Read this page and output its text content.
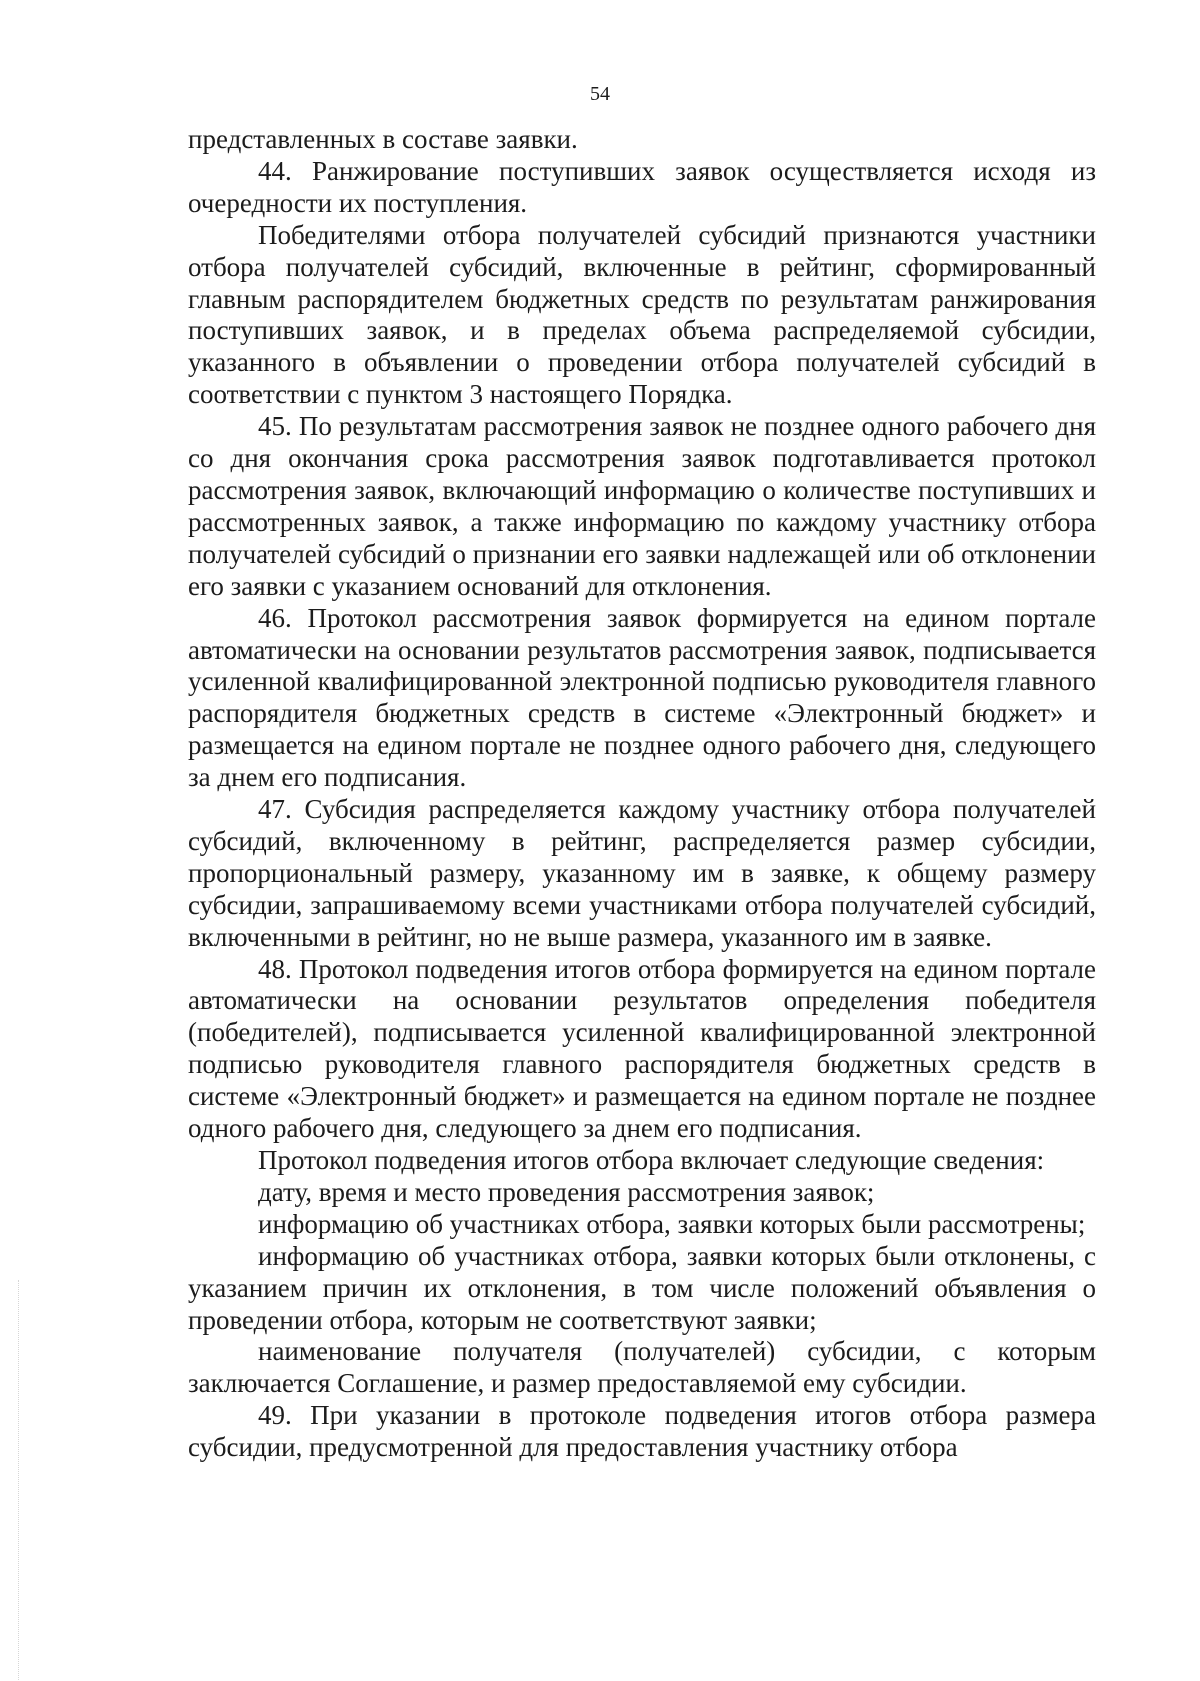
54

представленных в составе заявки.

44. Ранжирование поступивших заявок осуществляется исходя из очередности их поступления.

Победителями отбора получателей субсидий признаются участники отбора получателей субсидий, включенные в рейтинг, сформированный главным распорядителем бюджетных средств по результатам ранжирования поступивших заявок, и в пределах объема распределяемой субсидии, указанного в объявлении о проведении отбора получателей субсидий в соответствии с пунктом 3 настоящего Порядка.

45. По результатам рассмотрения заявок не позднее одного рабочего дня со дня окончания срока рассмотрения заявок подготавливается протокол рассмотрения заявок, включающий информацию о количестве поступивших и рассмотренных заявок, а также информацию по каждому участнику отбора получателей субсидий о признании его заявки надлежащей или об отклонении его заявки с указанием оснований для отклонения.

46. Протокол рассмотрения заявок формируется на едином портале автоматически на основании результатов рассмотрения заявок, подписывается усиленной квалифицированной электронной подписью руководителя главного распорядителя бюджетных средств в системе «Электронный бюджет» и размещается на едином портале не позднее одного рабочего дня, следующего за днем его подписания.

47. Субсидия распределяется каждому участнику отбора получателей субсидий, включенному в рейтинг, распределяется размер субсидии, пропорциональный размеру, указанному им в заявке, к общему размеру субсидии, запрашиваемому всеми участниками отбора получателей субсидий, включенными в рейтинг, но не выше размера, указанного им в заявке.

48. Протокол подведения итогов отбора формируется на едином портале автоматически на основании результатов определения победителя (победителей), подписывается усиленной квалифицированной электронной подписью руководителя главного распорядителя бюджетных средств в системе «Электронный бюджет» и размещается на едином портале не позднее одного рабочего дня, следующего за днем его подписания.

Протокол подведения итогов отбора включает следующие сведения:

дату, время и место проведения рассмотрения заявок;

информацию об участниках отбора, заявки которых были рассмотрены;

информацию об участниках отбора, заявки которых были отклонены, с указанием причин их отклонения, в том числе положений объявления о проведении отбора, которым не соответствуют заявки;

наименование получателя (получателей) субсидии, с которым заключается Соглашение, и размер предоставляемой ему субсидии.

49. При указании в протоколе подведения итогов отбора размера субсидии, предусмотренной для предоставления участнику отбора
